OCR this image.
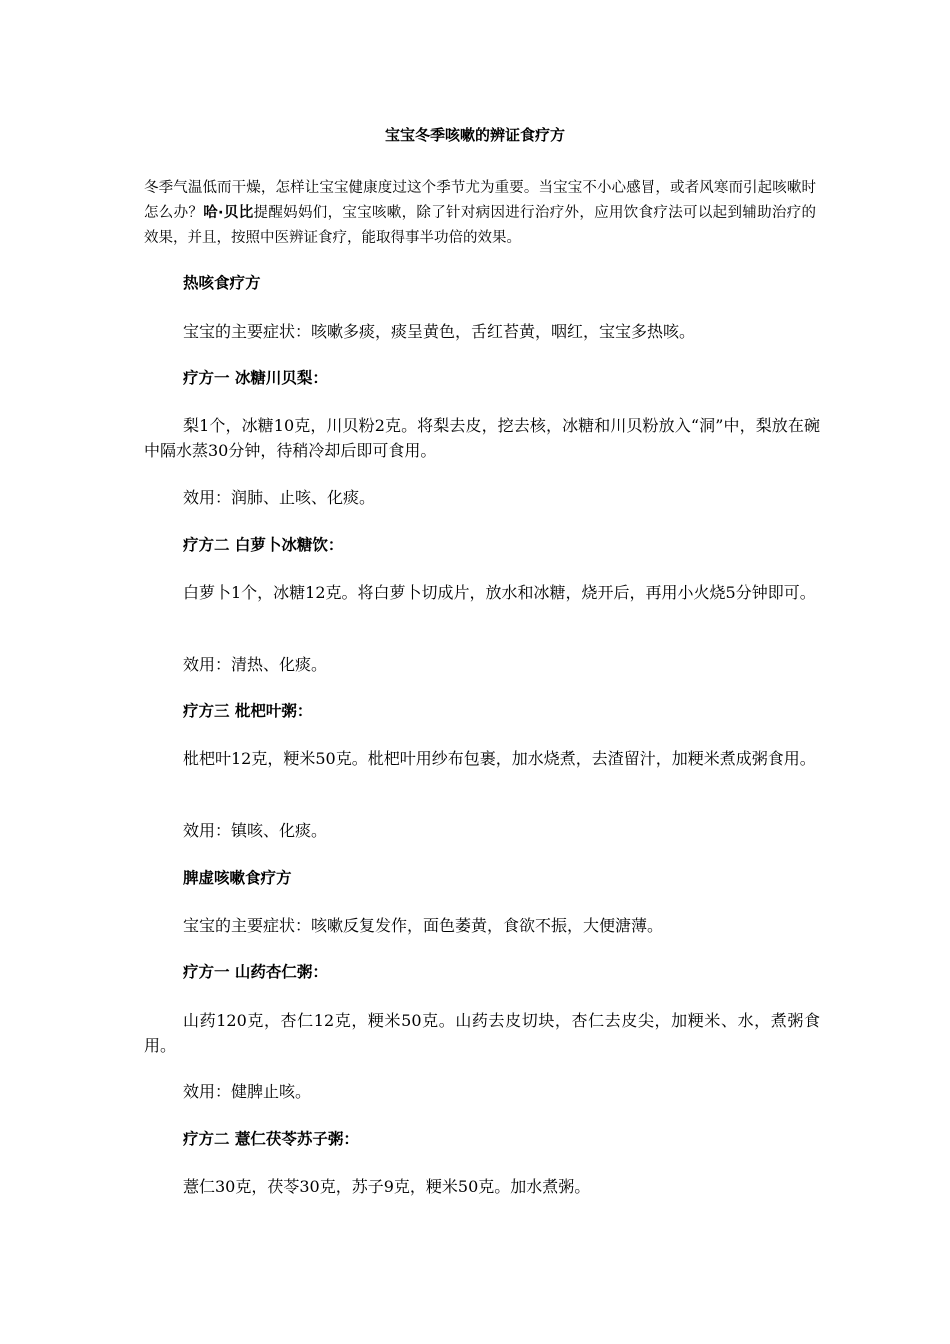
宝宝冬季咳嗽的辨证食疗方

冬季气温低而干燥，怎样让宝宝健康度过这个季节尤为重要。当宝宝不小心感冒，或者风寒而引起咳嗽时怎么办？哈·贝比提醒妈妈们，宝宝咳嗽，除了针对病因进行治疗外，应用饮食疗法可以起到辅助治疗的效果，并且，按照中医辨证食疗，能取得事半功倍的效果。

热咳食疗方

宝宝的主要症状：咳嗽多痰，痰呈黄色，舌红苔黄，咽红，宝宝多热咳。

疗方一 冰糖川贝梨：

梨1个，冰糖10克，川贝粉2克。将梨去皮，挖去核，冰糖和川贝粉放入“洞”中，梨放在碗中隔水蒸30分钟，待稍冷却后即可食用。

效用：润肺、止咳、化痰。

疗方二 白萝卜冰糖饮：

白萝卜1个，冰糖12克。将白萝卜切成片，放水和冰糖，烧开后，再用小火烧5分钟即可。

效用：清热、化痰。

疗方三 枇杷叶粥：

枇杷叶12克，粳米50克。枇杷叶用纱布包裹，加水烧煮，去渣留汁，加粳米煮成粥食用。

效用：镇咳、化痰。

脾虚咳嗽食疗方

宝宝的主要症状：咳嗽反复发作，面色萎黄，食欲不振，大便溏薄。

疗方一 山药杏仁粥：

山药120克，杏仁12克，粳米50克。山药去皮切块，杏仁去皮尖，加粳米、水，煮粥食用。

效用：健脾止咳。

疗方二 薏仁茯苓苏子粥：

薏仁30克，茯苓30克，苏子9克，粳米50克。加水煮粥。
